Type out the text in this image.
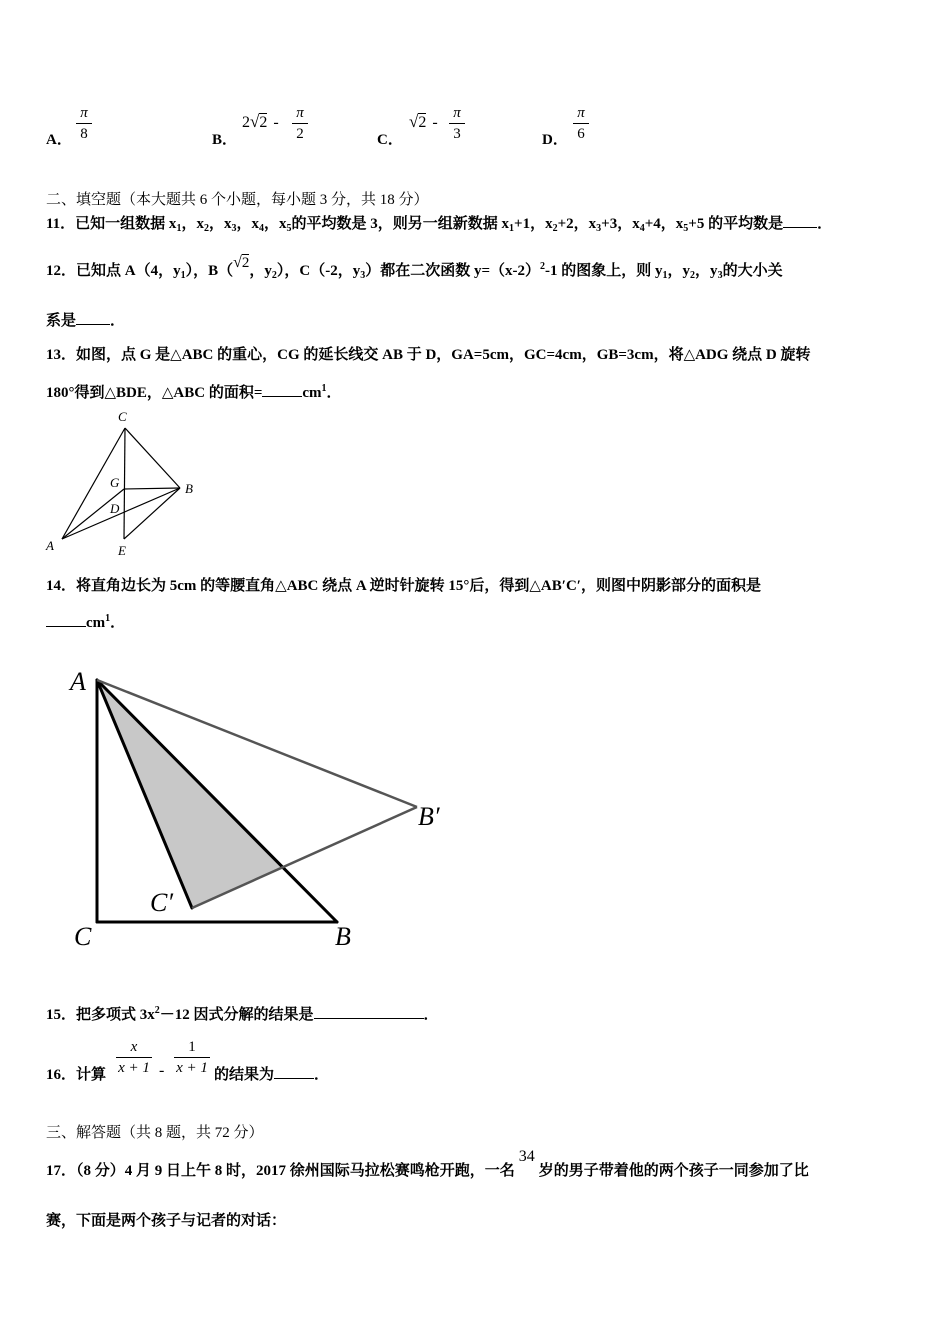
A．
π
8	B．
2√2 -
π
2	C．
√2 -
π
3	D．
π
6
二、填空题（本大题共 6 个小题，每小题 3 分，共 18 分）
11．已知一组数据 $x_1$，$x_2$，$x_3$，$x_4$，$x_5$的平均数是 3，则另一组新数据 $x_1+1$，$x_2+2$，$x_3+3$，$x_4+4$，$x_5+5$ 的平均数是 ．
12．已知点 A（4，$y_1$），B（√2，$y_2$），C（-2，$y_3$）都在二次函数 $y=(x-2)^2-1$ 的图象上，则 $y_1$，$y_2$，$y_3$的大小关
系是 ．
13．如图，点 G 是△ABC 的重心，CG 的延长线交 AB 于 D，GA=5cm，GC=4cm，GB=3cm，将△ADG 绕点 D 旋转
180°得到△BDE，△ABC 的面积=	$cm^1$．
C
G	B
D
A	E
14．将直角边长为 5cm 的等腰直角△ABC 绕点 A 逆时针旋转 15°后，得到△AB′C′，则图中阴影部分的面积是
$cm^1$．
A
B′
C′
C	B
15．把多项式 $3x^2-12$ 因式分解的结果是	．
16．计算
x
x + 1 -
1
x + 1 的结果为	．
三、解答题（共 8 题，共 72 分）
17．（8 分）4 月 9 日上午 8 时，2017 徐州国际马拉松赛鸣枪开跑，一名34岁的男子带着他的两个孩子一同参加了比
赛，下面是两个孩子与记者的对话：
